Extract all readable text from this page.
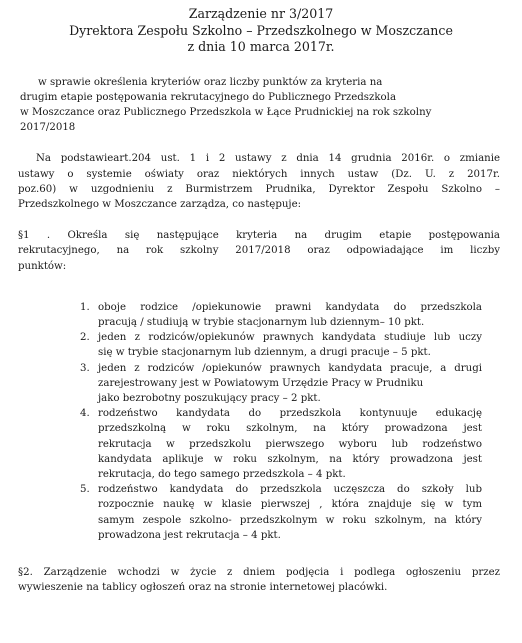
Zarządzenie nr 3/2017
Dyrektora Zespołu Szkolno – Przedszkolnego w Moszczance
z dnia 10 marca 2017r.
w sprawie określenia kryteriów oraz liczby punktów za kryteria na
drugim etapie postępowania rekrutacyjnego do Publicznego Przedszkola
w Moszczance oraz Publicznego Przedszkola w Łące Prudnickiej na rok szkolny
2017/2018
Na podstawieart.204 ust. 1 i 2 ustawy z dnia 14 grudnia 2016r. o zmianie
ustawy o systemie oświaty oraz niektórych innych ustaw (Dz. U. z 2017r.
poz.60) w uzgodnieniu z Burmistrzem Prudnika, Dyrektor Zespołu Szkolno –
Przedszkolnego w Moszczance zarządza, co następuje:
§1 . Określa się następujące kryteria na drugim etapie postępowania
rekrutacyjnego, na rok szkolny 2017/2018 oraz odpowiadające im liczby
punktów:
1. oboje rodzice /opiekunowie prawni kandydata do przedszkola
pracują / studiują w trybie stacjonarnym lub dziennym– 10 pkt.
2. jeden z rodziców/opiekunów prawnych kandydata studiuje lub uczy
się w trybie stacjonarnym lub dziennym, a drugi pracuje – 5 pkt.
3. jeden z rodziców /opiekunów prawnych kandydata pracuje, a drugi
zarejestrowany jest w Powiatowym Urzędzie Pracy w Prudniku
jako bezrobotny poszukujący pracy – 2 pkt.
4. rodzeństwo kandydata do przedszkola kontynuuje edukację
przedszkolną w roku szkolnym, na który prowadzona jest
rekrutacja w przedszkolu pierwszego wyboru lub rodzeństwo
kandydata aplikuje w roku szkolnym, na który prowadzona jest
rekrutacja, do tego samego przedszkola – 4 pkt.
5. rodzeństwo kandydata do przedszkola uczęszcza do szkoły lub
rozpocznie naukę w klasie pierwszej , która znajduje się w tym
samym zespole szkolno- przedszkolnym w roku szkolnym, na który
prowadzona jest rekrutacja – 4 pkt.
§2. Zarządzenie wchodzi w życie z dniem podjęcia i podlega ogłoszeniu przez
wywieszenie na tablicy ogłoszeń oraz na stronie internetowej placówki.
